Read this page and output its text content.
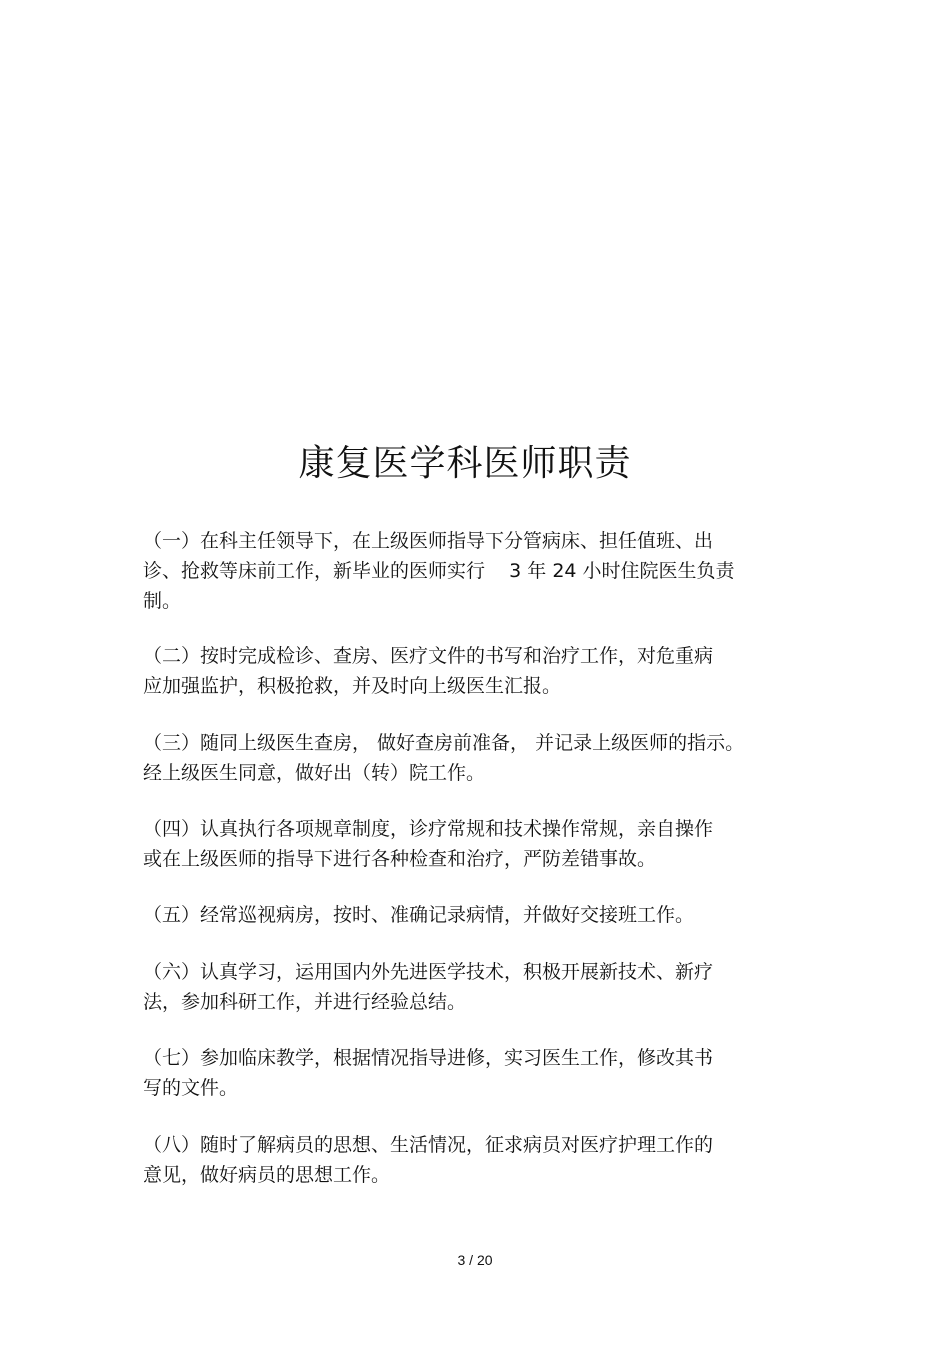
康复医学科医师职责
（一）在科主任领导下，在上级医师指导下分管病床、担任值班、出
诊、抢救等床前工作，新毕业的医师实行    3 年 24 小时住院医生负责
制。
（二）按时完成检诊、查房、医疗文件的书写和治疗工作，对危重病
应加强监护，积极抢救，并及时向上级医生汇报。
（三）随同上级医生查房， 做好查房前准备， 并记录上级医师的指示。
经上级医生同意，做好出（转）院工作。
（四）认真执行各项规章制度，诊疗常规和技术操作常规，亲自操作
或在上级医师的指导下进行各种检查和治疗，严防差错事故。
（五）经常巡视病房，按时、准确记录病情，并做好交接班工作。
（六）认真学习，运用国内外先进医学技术，积极开展新技术、新疗
法，参加科研工作，并进行经验总结。
（七）参加临床教学，根据情况指导进修，实习医生工作，修改其书
写的文件。
（八）随时了解病员的思想、生活情况，征求病员对医疗护理工作的
意见，做好病员的思想工作。
3 / 20
